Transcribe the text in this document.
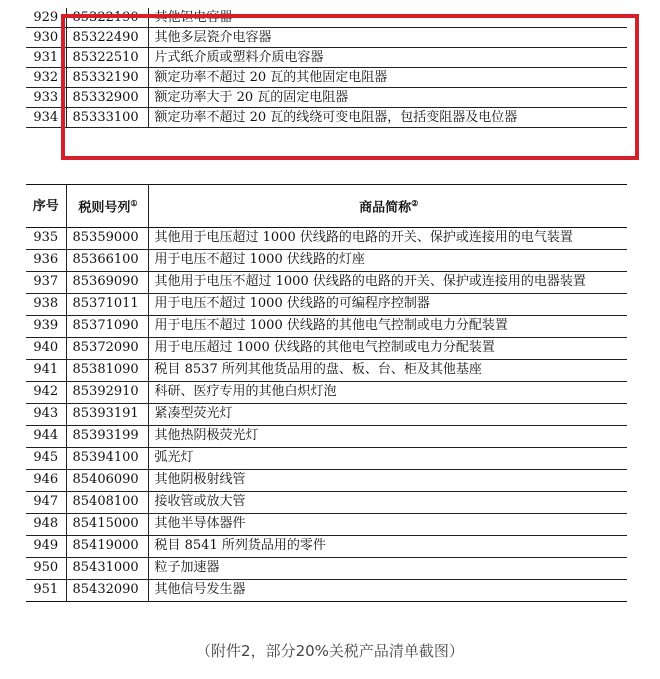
929	85322190	其他钽电容器
930	85322490	其他多层瓷介电容器
931	85322510	片式纸介质或塑料介质电容器
932	85332190	额定功率不超过 20 瓦的其他固定电阻器
933	85332900	额定功率大于 20 瓦的固定电阻器
934	85333100	额定功率不超过 20 瓦的线绕可变电阻器，包括变阻器及电位器
序号	税则号列①	商品简称②
935	85359000	其他用于电压超过 1000 伏线路的电路的开关、保护或连接用的电气装置
936	85366100	用于电压不超过 1000 伏线路的灯座
937	85369090	其他用于电压不超过 1000 伏线路的电路的开关、保护或连接用的电器装置
938	85371011	用于电压不超过 1000 伏线路的可编程序控制器
939	85371090	用于电压不超过 1000 伏线路的其他电气控制或电力分配装置
940	85372090	用于电压超过 1000 伏线路的其他电气控制或电力分配装置
941	85381090	税目 8537 所列其他货品用的盘、板、台、柜及其他基座
942	85392910	科研、医疗专用的其他白炽灯泡
943	85393191	紧凑型荧光灯
944	85393199	其他热阴极荧光灯
945	85394100	弧光灯
946	85406090	其他阴极射线管
947	85408100	接收管或放大管
948	85415000	其他半导体器件
949	85419000	税目 8541 所列货品用的零件
950	85431000	粒子加速器
951	85432090	其他信号发生器
（附件2，部分20%关税产品清单截图）
